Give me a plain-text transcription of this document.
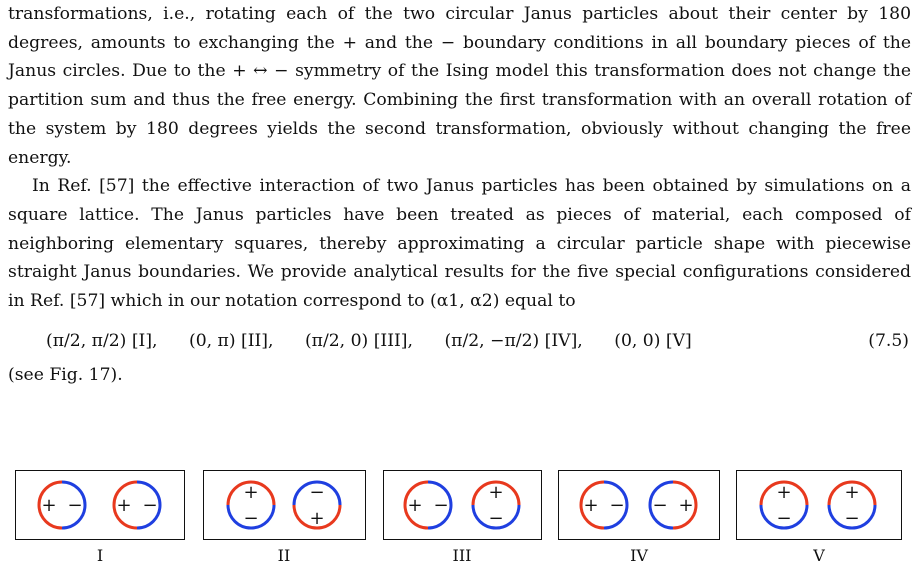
transformations, i.e., rotating each of the two circular Janus particles about their center by 180 degrees, amounts to exchanging the + and the − boundary conditions in all boundary pieces of the Janus circles. Due to the + ↔ − symmetry of the Ising model this transformation does not change the partition sum and thus the free energy. Combining the first transformation with an overall rotation of the system by 180 degrees yields the second transformation, obviously without changing the free energy.

In Ref. [57] the effective interaction of two Janus particles has been obtained by simulations on a square lattice. The Janus particles have been treated as pieces of material, each composed of neighboring elementary squares, thereby approximating a circular particle shape with piecewise straight Janus boundaries. We provide analytical results for the five special configurations considered in Ref. [57] which in our notation correspond to (α1, α2) equal to

(π/2, π/2) [I], (0, π) [II], (π/2, 0) [III], (π/2, −π/2) [IV], (0, 0) [V]	(7.5)

(see Fig. 17).

I	II	III	IV	V
+ − + −
+
−	+
−
+ −
+
−
+ −	+
−
+
−
+
−
